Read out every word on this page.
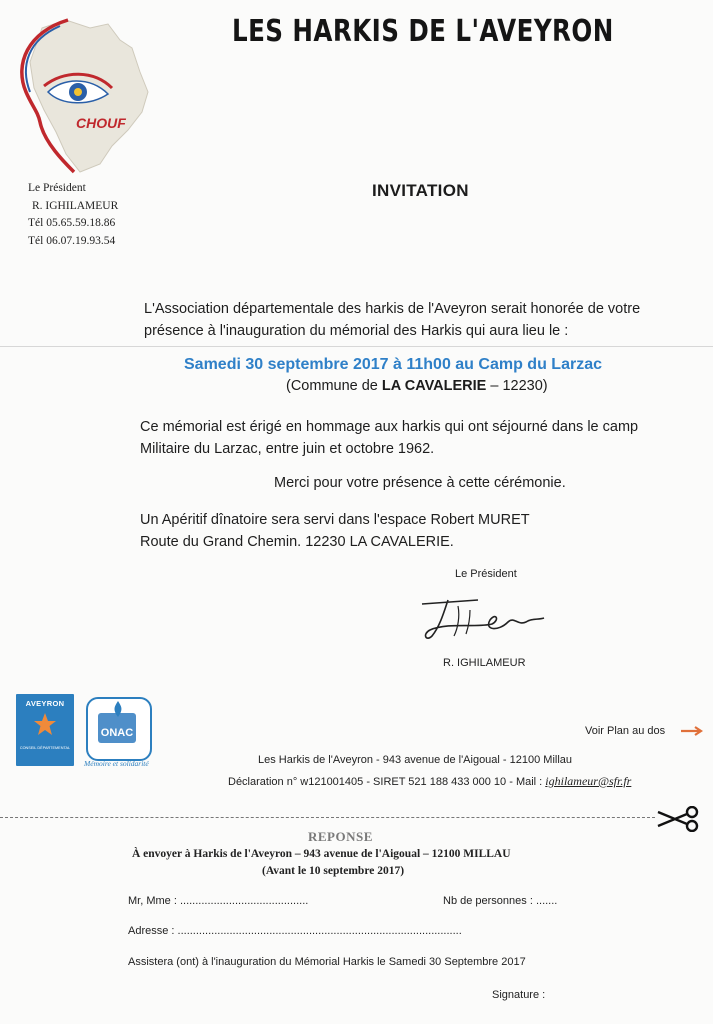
CHOUF
LES HARKIS DE L'AVEYRON
Le Président
R. IGHILAMEUR
Tél 05.65.59.18.86
Tél 06.07.19.93.54
INVITATION
L'Association départementale des harkis de l'Aveyron serait honorée de votre
présence à l'inauguration du mémorial des Harkis qui aura lieu le :
Samedi 30 septembre 2017 à 11h00 au Camp du Larzac
(Commune de LA CAVALERIE – 12230)
Ce mémorial est érigé en hommage aux harkis qui ont séjourné dans le camp
Militaire du Larzac, entre juin et octobre 1962.
Merci pour votre présence à cette cérémonie.
Un Apéritif dînatoire sera servi dans l'espace Robert MURET
Route du Grand Chemin. 12230 LA CAVALERIE.
Le Président
R. IGHILAMEUR
AVEYRON
CONSEIL DÉPARTEMENTAL
ONAC
Mémoire et solidarité
Voir Plan au dos
Les Harkis de l'Aveyron - 943 avenue de l'Aigoual - 12100 Millau
Déclaration n° w121001405 - SIRET 521 188 433 000 10 - Mail : ighilameur@sfr.fr
REPONSE
À envoyer à Harkis de l'Aveyron – 943 avenue de l'Aigoual – 12100 MILLAU
(Avant le 10 septembre 2017)
Mr, Mme : ..........................................	Nb de personnes : .......
Adresse : .............................................................................................
Assistera (ont) à l'inauguration du Mémorial Harkis le Samedi 30 Septembre 2017
Signature :
